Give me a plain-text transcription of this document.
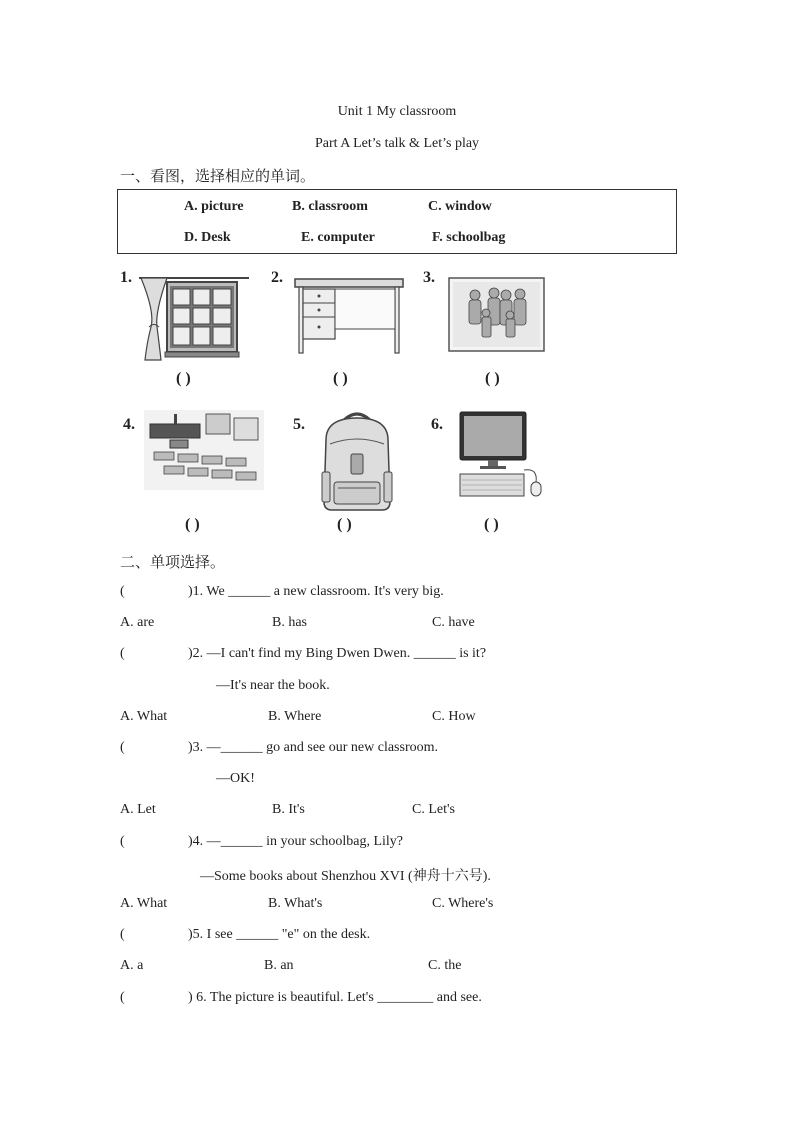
Unit 1 My classroom
Part A Let’s talk & Let’s play
一、看图，选择相应的单词。
A. picture	B. classroom	C. window
D. Desk	E. computer	F. schoolbag
1.	2.	3.
4.	5.	6.
( )	( )	( )
( )	( )	( )
二、单项选择。
(	)1. We ______ a new classroom. It's very big.
A. are	B. has	C. have
(	)2. —I can't find my Bing Dwen Dwen. ______ is it?
—It's near the book.
A. What	B. Where	C. How
(	)3. —______ go and see our new classroom.
—OK!
A. Let	B. It's	C. Let's
(	)4. —______ in your schoolbag, Lily?
—Some books about Shenzhou XVI (神舟十六号).
A. What	B. What's	C. Where's
(	)5. I see ______ "e" on the desk.
A. a	B. an	C. the
(	) 6. The picture is beautiful. Let's ________ and see.
